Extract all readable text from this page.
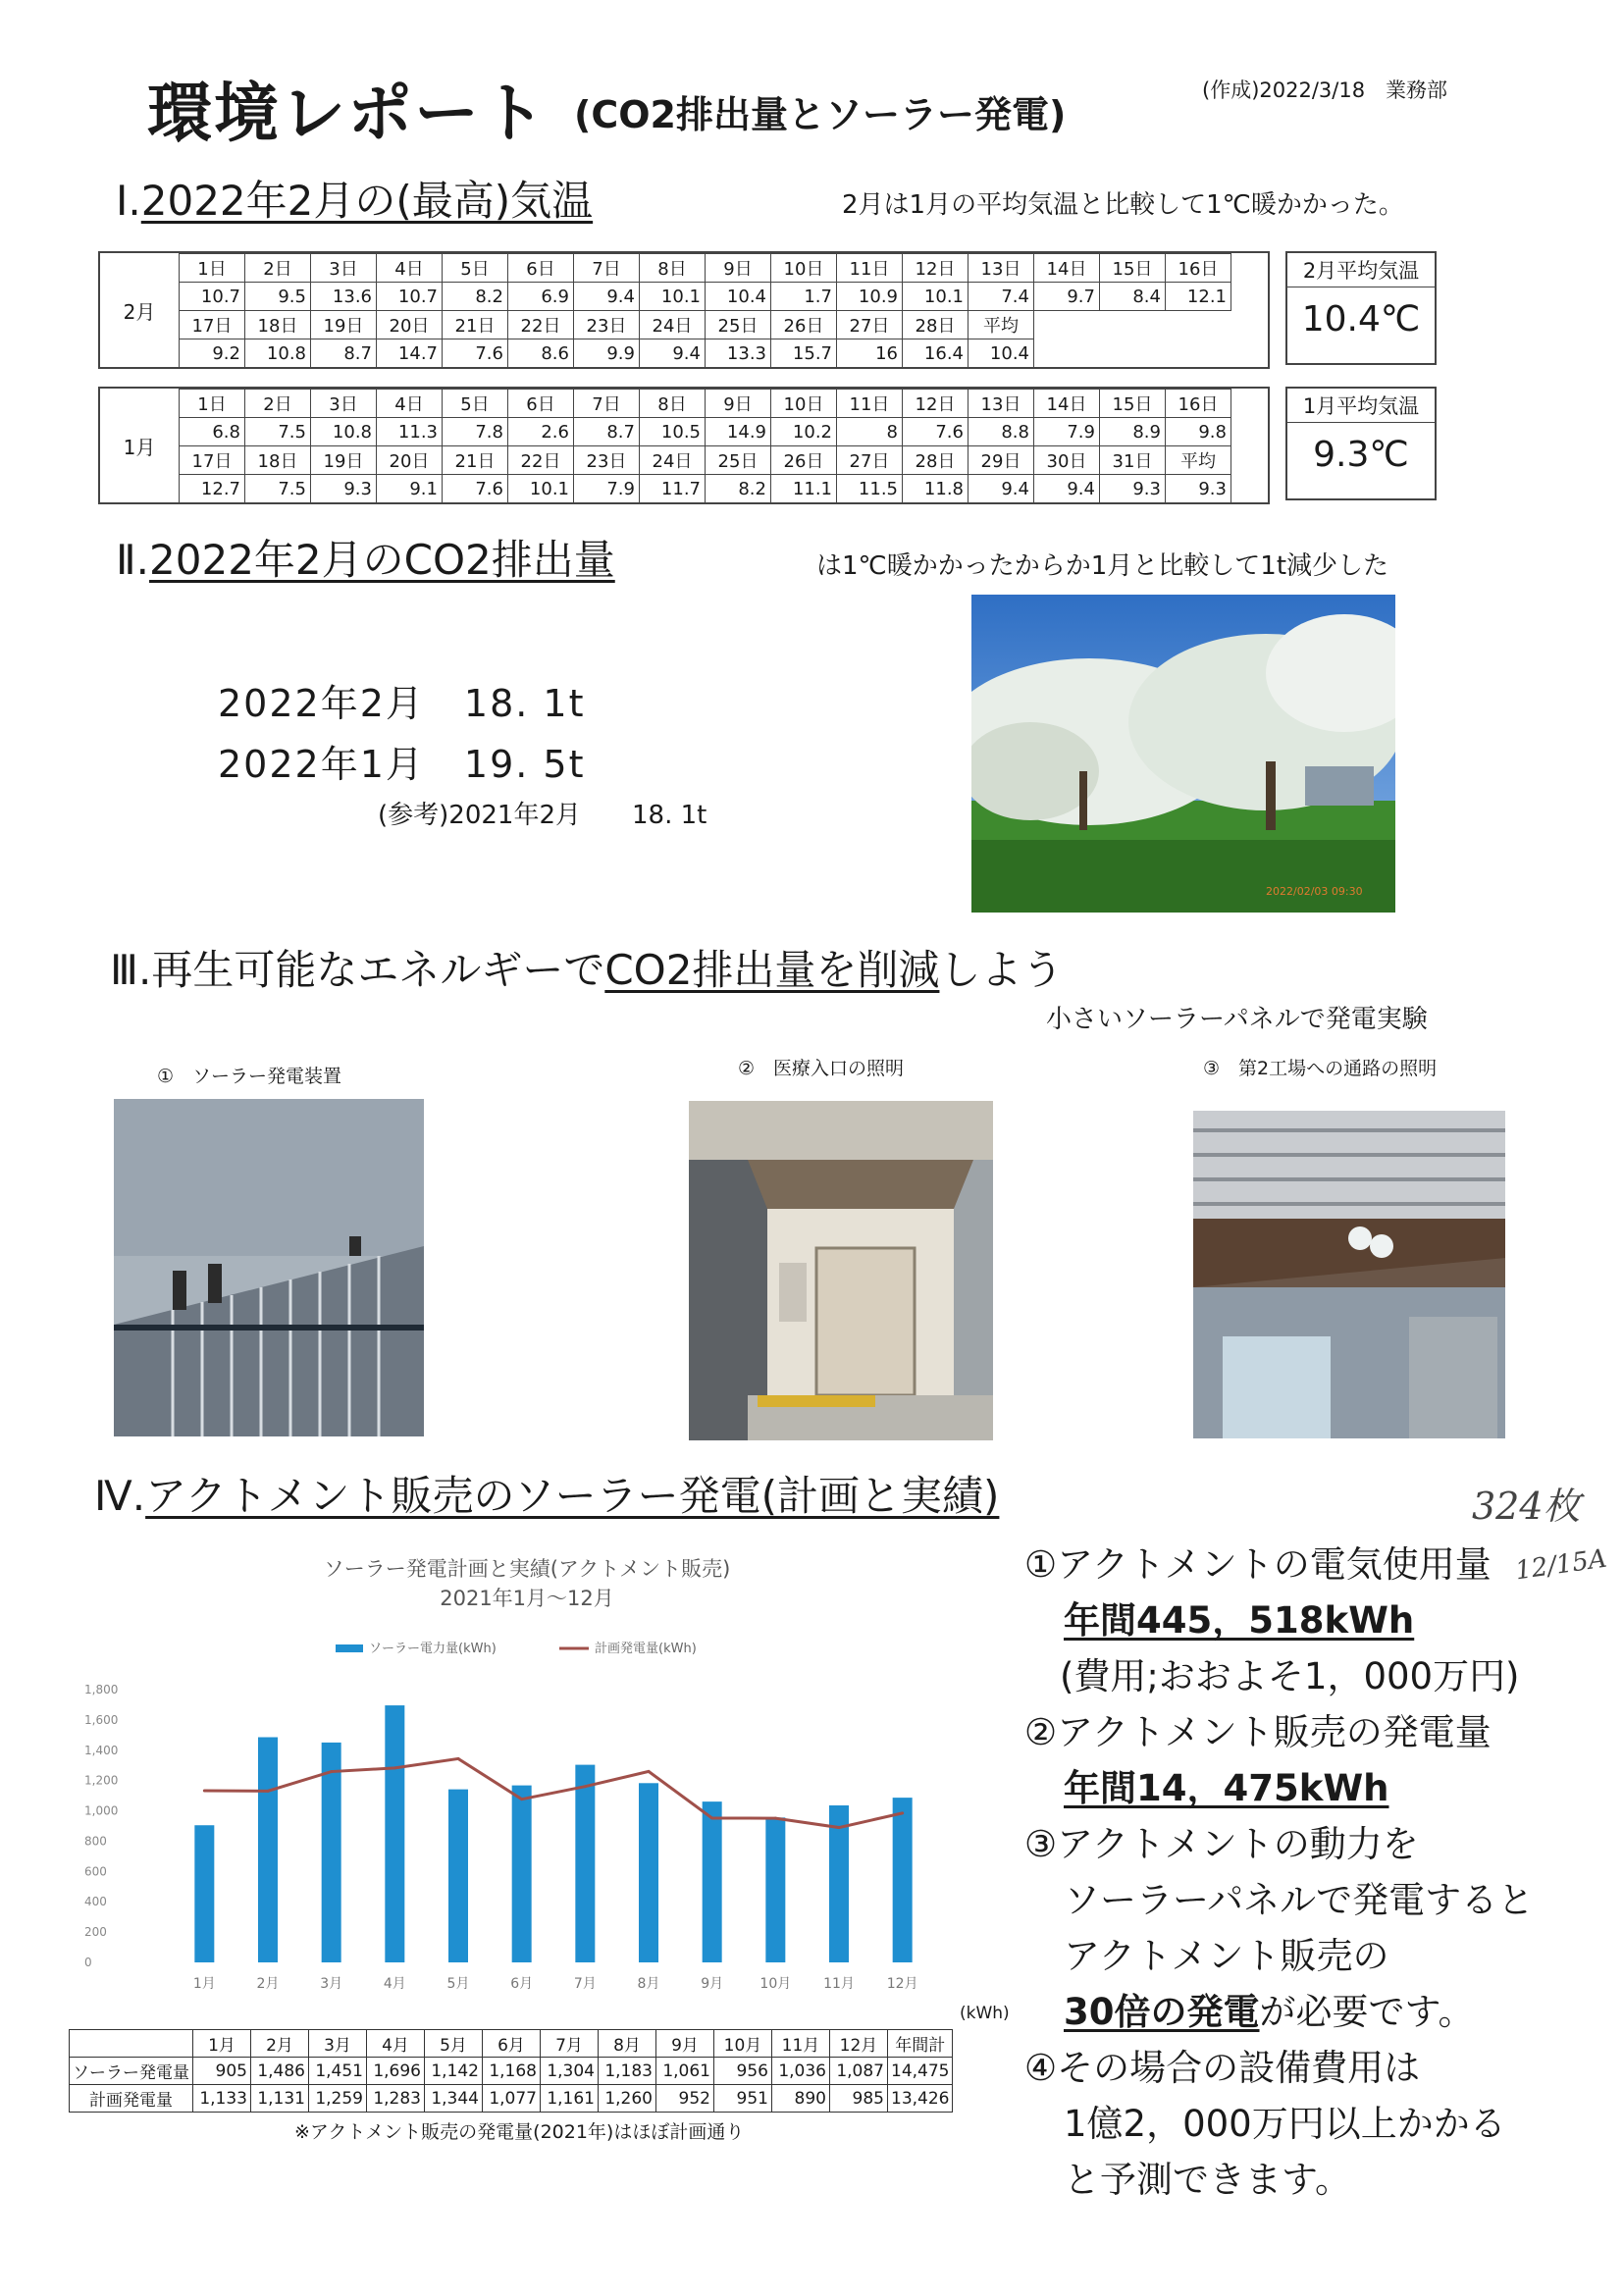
環境レポート (CO2排出量とソーラー発電)
(作成)2022/3/18　業務部
Ⅰ.2022年2月の(最高)気温	2月は1月の平均気温と比較して1℃暖かかった。
2月
1日	2日	3日	4日	5日	6日	7日	8日	9日	10日	11日	12日	13日	14日	15日	16日
10.7	9.5	13.6	10.7	8.2	6.9	9.4	10.1	10.4	1.7	10.9	10.1	7.4	9.7	8.4	12.1
17日	18日	19日	20日	21日	22日	23日	24日	25日	26日	27日	28日	平均			
9.2	10.8	8.7	14.7	7.6	8.6	9.9	9.4	13.3	15.7	16	16.4	10.4			
2月平均気温
10.4℃
1月
1日	2日	3日	4日	5日	6日	7日	8日	9日	10日	11日	12日	13日	14日	15日	16日
6.8	7.5	10.8	11.3	7.8	2.6	8.7	10.5	14.9	10.2	8	7.6	8.8	7.9	8.9	9.8
17日	18日	19日	20日	21日	22日	23日	24日	25日	26日	27日	28日	29日	30日	31日	平均
12.7	7.5	9.3	9.1	7.6	10.1	7.9	11.7	8.2	11.1	11.5	11.8	9.4	9.4	9.3	9.3
1月平均気温
9.3℃
Ⅱ.2022年2月のCO2排出量	は1℃暖かかったからか1月と比較して1t減少した
2022年2月　 18. 1t
2022年1月　 19. 5t
(参考)2021年2月　　 18. 1t
2022/02/03 09:30
Ⅲ.再生可能なエネルギーでCO2排出量を削減しよう
小さいソーラーパネルで発電実験
①　ソーラー発電装置	②　医療入口の照明	③　第2工場への通路の照明
Ⅳ.アクトメント販売のソーラー発電(計画と実績)	324枚
12/15A
ソーラー発電計画と実績(アクトメント販売)
2021年1月～12月
ソーラー電力量(kWh)	計画発電量(kWh)
0
200
400
600
800
1,000
1,200
1,400
1,600
1,800
1月	2月	3月	4月	5月	6月	7月	8月	9月	10月 11月 12月
(kWh)
	1月	2月	3月	4月	5月	6月	7月	8月	9月	10月	11月	12月	年間計
ソーラー発電量	905	1,486	1,451	1,696	1,142	1,168	1,304	1,183	1,061	956	1,036	1,087	14,475
計画発電量	1,133	1,131	1,259	1,283	1,344	1,077	1,161	1,260	952	951	890	985	13,426
※アクトメント販売の発電量(2021年)はほぼ計画通り
①アクトメントの電気使用量
年間445，518kWh
(費用;おおよそ1，000万円)
②アクトメント販売の発電量
年間14，475kWh
③アクトメントの動力を
ソーラーパネルで発電すると
アクトメント販売の
30倍の発電が必要です。
④その場合の設備費用は
1億2，000万円以上かかる
と予測できます。
